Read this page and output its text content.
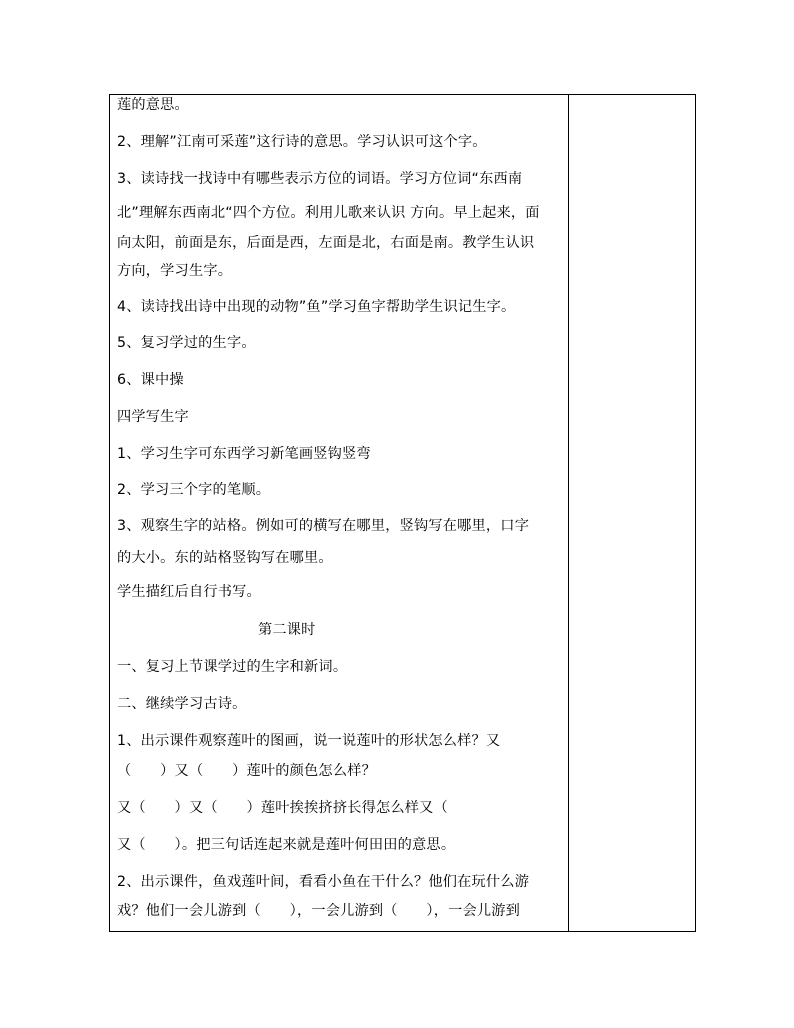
莲的意思。
2、理解”江南可采莲”这行诗的意思。学习认识可这个字。
3、读诗找一找诗中有哪些表示方位的词语。学习方位词“东西南
北”理解东西南北“四个方位。利用儿歌来认识 方向。早上起来，面
向太阳，前面是东，后面是西，左面是北，右面是南。教学生认识
方向，学习生字。
4、读诗找出诗中出现的动物”鱼”学习鱼字帮助学生识记生字。
5、复习学过的生字。
6、课中操
四学写生字
1、学习生字可东西学习新笔画竖钩竖弯
2、学习三个字的笔顺。
3、观察生字的站格。例如可的横写在哪里，竖钩写在哪里，口字
的大小。东的站格竖钩写在哪里。
学生描红后自行书写。
第二课时
一、复习上节课学过的生字和新词。
二、继续学习古诗。
1、出示课件观察莲叶的图画，说一说莲叶的形状怎么样？又
（　　）又（　　）莲叶的颜色怎么样？
又（　　）又（　　）莲叶挨挨挤挤长得怎么样又（
又（　　）。把三句话连起来就是莲叶何田田的意思。
2、出示课件，鱼戏莲叶间，看看小鱼在干什么？他们在玩什么游
戏？他们一会儿游到（　　），一会儿游到（　　），一会儿游到
